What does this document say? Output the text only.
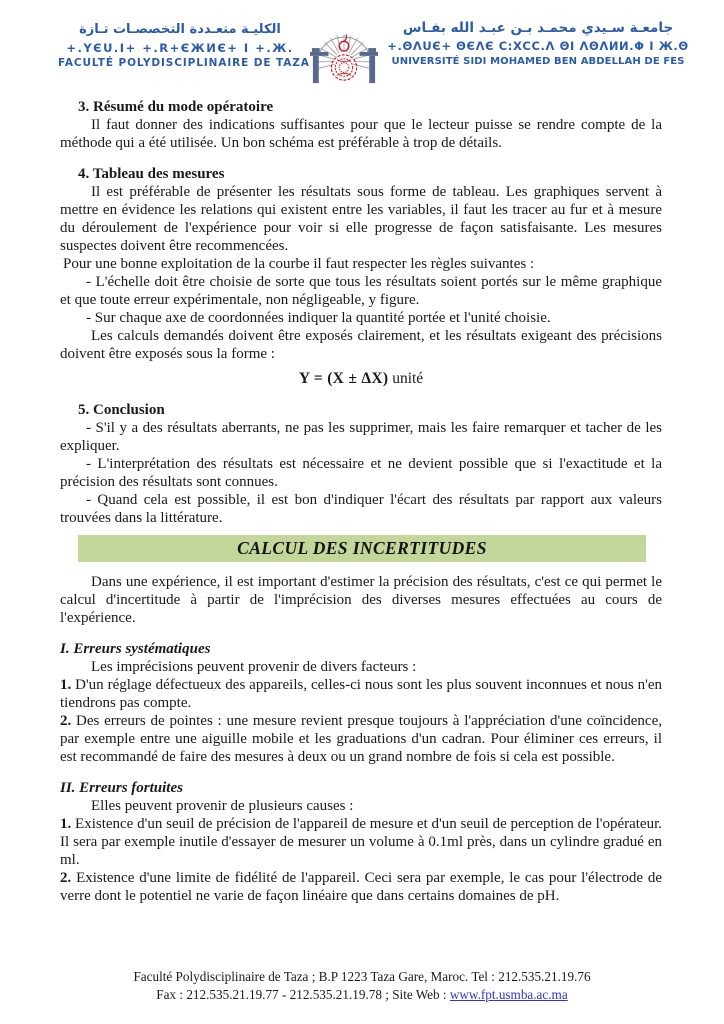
الكليـة متعـددة التخصصـات تـازة
+.YЄU.I+ +.R+ЄЖИЄ+ I +.Ж.
FACULTÉ POLYDISCIPLINAIRE DE TAZA
جامعـة سـيدي محمـد بـن عبـد الله بفـاس
+.ΘΛUЄ+ ΘЄΛЄ C:ΧCC.Λ ΘΙ ΛΘΛИИ.Φ Ι Ж.Θ
UNIVERSITÉ SIDI MOHAMED BEN ABDELLAH DE FES
3. Résumé du mode opératoire

Il faut donner des indications suffisantes pour que le lecteur puisse se rendre compte de la méthode qui a été utilisée. Un bon schéma est préférable à trop de détails.

4. Tableau des mesures

Il est préférable de présenter les résultats sous forme de tableau. Les graphiques servent à mettre en évidence les relations qui existent entre les variables, il faut les tracer au fur et à mesure du déroulement de l'expérience pour voir si elle progresse de façon satisfaisante. Les mesures suspectes doivent être recommencées.

Pour une bonne exploitation de la courbe il faut respecter les règles suivantes :

- L'échelle doit être choisie de sorte que tous les résultats soient portés sur le même graphique et que toute erreur expérimentale, non négligeable, y figure.

- Sur chaque axe de coordonnées indiquer la quantité portée et l'unité choisie.

Les calculs demandés doivent être exposés clairement, et les résultats exigeant des précisions doivent être exposés sous la forme :

Y = (X ± ΔX) unité

5. Conclusion

- S'il y a des résultats aberrants, ne pas les supprimer, mais les faire remarquer et tacher de les expliquer.

- L'interprétation des résultats est nécessaire et ne devient possible que si l'exactitude et la précision des résultats sont connues.

- Quand cela est possible, il est bon d'indiquer l'écart des résultats par rapport aux valeurs trouvées dans la littérature.

CALCUL DES INCERTITUDES

Dans une expérience, il est important d'estimer la précision des résultats, c'est ce qui permet le calcul d'incertitude à partir de l'imprécision des diverses mesures effectuées au cours de l'expérience.

I. Erreurs systématiques

Les imprécisions peuvent provenir de divers facteurs :

1. D'un réglage défectueux des appareils, celles-ci nous sont les plus souvent inconnues et nous n'en tiendrons pas compte.

2. Des erreurs de pointes : une mesure revient presque toujours à l'appréciation d'une coïncidence, par exemple entre une aiguille mobile et les graduations d'un cadran. Pour éliminer ces erreurs, il est recommandé de faire des mesures à deux ou un grand nombre de fois si cela est possible.

II. Erreurs fortuites

Elles peuvent provenir de plusieurs causes :

1. Existence d'un seuil de précision de l'appareil de mesure et d'un seuil de perception de l'opérateur. Il sera par exemple inutile d'essayer de mesurer un volume à 0.1ml près, dans un cylindre gradué en ml.

2. Existence d'une limite de fidélité de l'appareil. Ceci sera par exemple, le cas pour l'électrode de verre dont le potentiel ne varie de façon linéaire que dans certains domaines de pH.

Faculté Polydisciplinaire de Taza ; B.P 1223 Taza Gare, Maroc. Tel : 212.535.21.19.76
Fax : 212.535.21.19.77 - 212.535.21.19.78 ; Site Web : www.fpt.usmba.ac.ma
